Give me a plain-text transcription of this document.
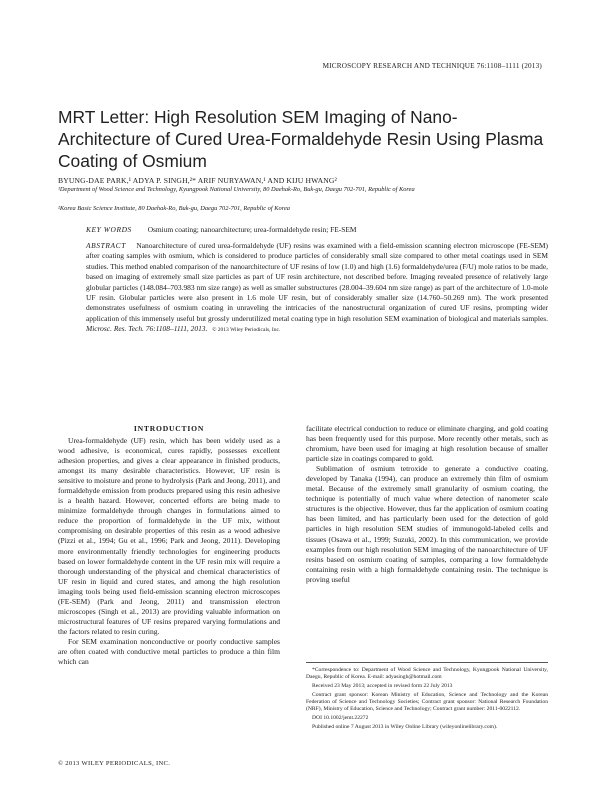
MICROSCOPY RESEARCH AND TECHNIQUE 76:1108–1111 (2013)
MRT Letter: High Resolution SEM Imaging of Nano-Architecture of Cured Urea-Formaldehyde Resin Using Plasma Coating of Osmium
BYUNG-DAE PARK,¹ ADYA P. SINGH,²* ARIF NURYAWAN,¹ AND KIJU HWANG²
¹Department of Wood Science and Technology, Kyungpook National University, 80 Daehak-Ro, Buk-gu, Daegu 702-701, Republic of Korea
²Korea Basic Science Institute, 80 Daehak-Ro, Buk-gu, Daegu 702-701, Republic of Korea
KEY WORDS Osmium coating; nanoarchitecture; urea-formaldehyde resin; FE-SEM
ABSTRACT Nanoarchitecture of cured urea-formaldehyde (UF) resins was examined with a field-emission scanning electron microscope (FE-SEM) after coating samples with osmium, which is considered to produce particles of considerably small size compared to other metal coatings used in SEM studies. This method enabled comparison of the nanoarchitecture of UF resins of low (1.0) and high (1.6) formaldehyde/urea (F/U) mole ratios to be made, based on imaging of extremely small size particles as part of UF resin architecture, not described before. Imaging revealed presence of relatively large globular particles (148.084–703.983 nm size range) as well as smaller substructures (28.004–39.604 nm size range) as part of the architecture of 1.0-mole UF resin. Globular particles were also present in 1.6 mole UF resin, but of considerably smaller size (14.760–50.269 nm). The work presented demonstrates usefulness of osmium coating in unraveling the intricacies of the nanostructural organization of cured UF resins, prompting wider application of this immensely useful but grossly underutilized metal coating type in high resolution SEM examination of biological and materials samples. Microsc. Res. Tech. 76:1108–1111, 2013. © 2013 Wiley Periodicals, Inc.
INTRODUCTION

Urea-formaldehyde (UF) resin, which has been widely used as a wood adhesive, is economical, cures rapidly, possesses excellent adhesion properties, and gives a clear appearance in finished products, amongst its many desirable characteristics. However, UF resin is sensitive to moisture and prone to hydrolysis (Park and Jeong, 2011), and formaldehyde emission from products prepared using this resin adhesive is a health hazard. However, concerted efforts are being made to minimize formaldehyde through changes in formulations aimed to reduce the proportion of formaldehyde in the UF mix, without compromising on desirable properties of this resin as a wood adhesive (Pizzi et al., 1994; Gu et al., 1996; Park and Jeong, 2011). Developing more environmentally friendly technologies for engineering products based on lower formaldehyde content in the UF resin mix will require a thorough understanding of the physical and chemical characteristics of UF resin in liquid and cured states, and among the high resolution imaging tools being used field-emission scanning electron microscopes (FE-SEM) (Park and Jeong, 2011) and transmission electron microscopes (Singh et al., 2013) are providing valuable information on microstructural features of UF resins prepared varying formulations and the factors related to resin curing.

For SEM examination nonconductive or poorly conductive samples are often coated with conductive metal particles to produce a thin film which can

facilitate electrical conduction to reduce or eliminate charging, and gold coating has been frequently used for this purpose. More recently other metals, such as chromium, have been used for imaging at high resolution because of smaller particle size in coatings compared to gold.

Sublimation of osmium tetroxide to generate a conductive coating, developed by Tanaka (1994), can produce an extremely thin film of osmium metal. Because of the extremely small granularity of osmium coating, the technique is potentially of much value where detection of nanometer scale structures is the objective. However, thus far the application of osmium coating has been limited, and has particularly been used for the detection of gold particles in high resolution SEM studies of immunogold-labeled cells and tissues (Osawa et al., 1999; Suzuki, 2002). In this communication, we provide examples from our high resolution SEM imaging of the nanoarchitecture of UF resins based on osmium coating of samples, comparing a low formaldehyde containing resin with a high formaldehyde containing resin. The technique is proving useful

*Correspondence to: Department of Wood Science and Technology, Kyungpook National University, Daegu, Republic of Korea. E-mail: adyasingh@hotmail.com

Received 23 May 2013; accepted in revised form 22 July 2013

Contract grant sponsor: Korean Ministry of Education, Science and Technology and the Korean Federation of Science and Technology Societies; Contract grant sponsor: National Research Foundation (NRF), Ministry of Education, Science and Technology; Contract grant number: 2011-0022112.

DOI 10.1002/jemt.22272

Published online 7 August 2013 in Wiley Online Library (wileyonlinelibrary.com).

© 2013 WILEY PERIODICALS, INC.
